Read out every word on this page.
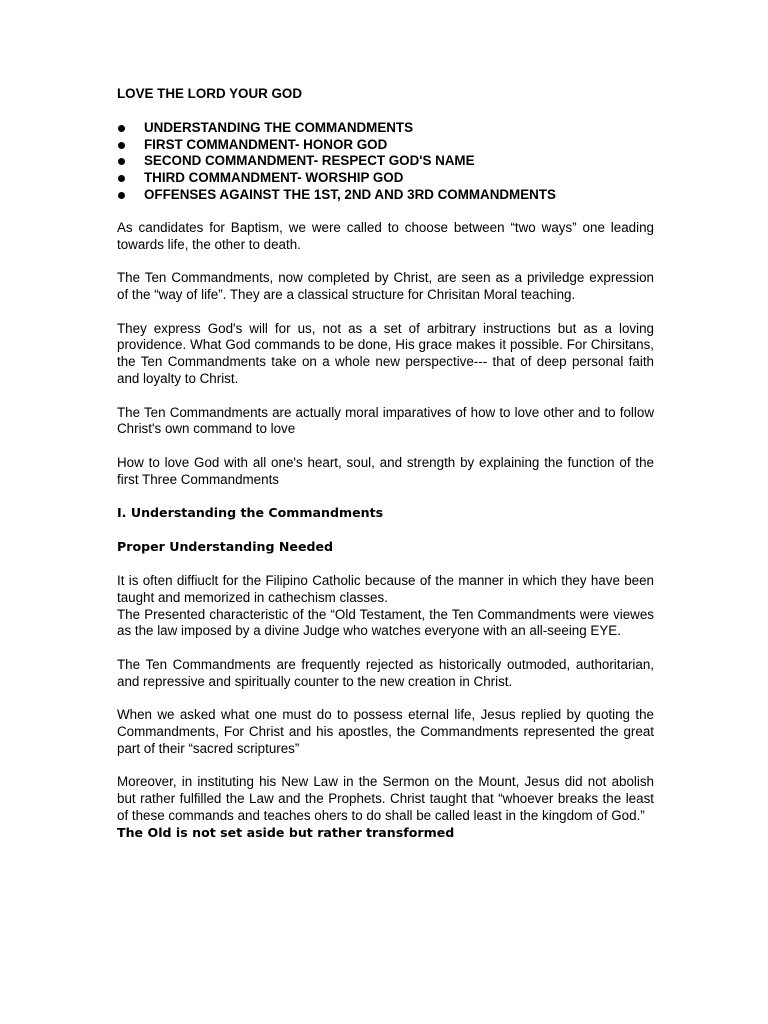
LOVE THE LORD YOUR GOD
UNDERSTANDING THE COMMANDMENTS
FIRST COMMANDMENT- HONOR GOD
SECOND COMMANDMENT- RESPECT GOD'S NAME
THIRD COMMANDMENT- WORSHIP GOD
OFFENSES AGAINST THE 1ST, 2ND AND 3RD COMMANDMENTS

As candidates for Baptism, we were called to choose between “two ways” one leading towards life, the other to death.

The Ten Commandments, now completed by Christ, are seen as a priviledge expression of the “way of life”. They are a classical structure for Chrisitan Moral teaching.

They express God's will for us, not as a set of arbitrary instructions but as a loving providence. What God commands to be done, His grace makes it possible. For Chirsitans, the Ten Commandments take on a whole new perspective--- that of deep personal faith and loyalty to Christ.

The Ten Commandments are actually moral imparatives of how to love other and to follow Christ's own command to love

How to love God with all one's heart, soul, and strength by explaining the function of the first Three Commandments

I. Understanding the Commandments
Proper Understanding Needed

It is often diffiuclt for the Filipino Catholic because of the manner in which they have been taught and memorized in cathechism classes.

The Presented characteristic of the “Old Testament, the Ten Commandments were viewes as the law imposed by a divine Judge who watches everyone with an all-seeing EYE.

The Ten Commandments are frequently rejected as historically outmoded, authoritarian, and repressive and spiritually counter to the new creation in Christ.

When we asked what one must do to possess eternal life, Jesus replied by quoting the Commandments, For Christ and his apostles, the Commandments represented the great part of their “sacred scriptures”

Moreover, in instituting his New Law in the Sermon on the Mount, Jesus did not abolish but rather fulfilled the Law and the Prophets. Christ taught that “whoever breaks the least of these commands and teaches ohers to do shall be called least in the kingdom of God.”

The Old is not set aside but rather transformed
